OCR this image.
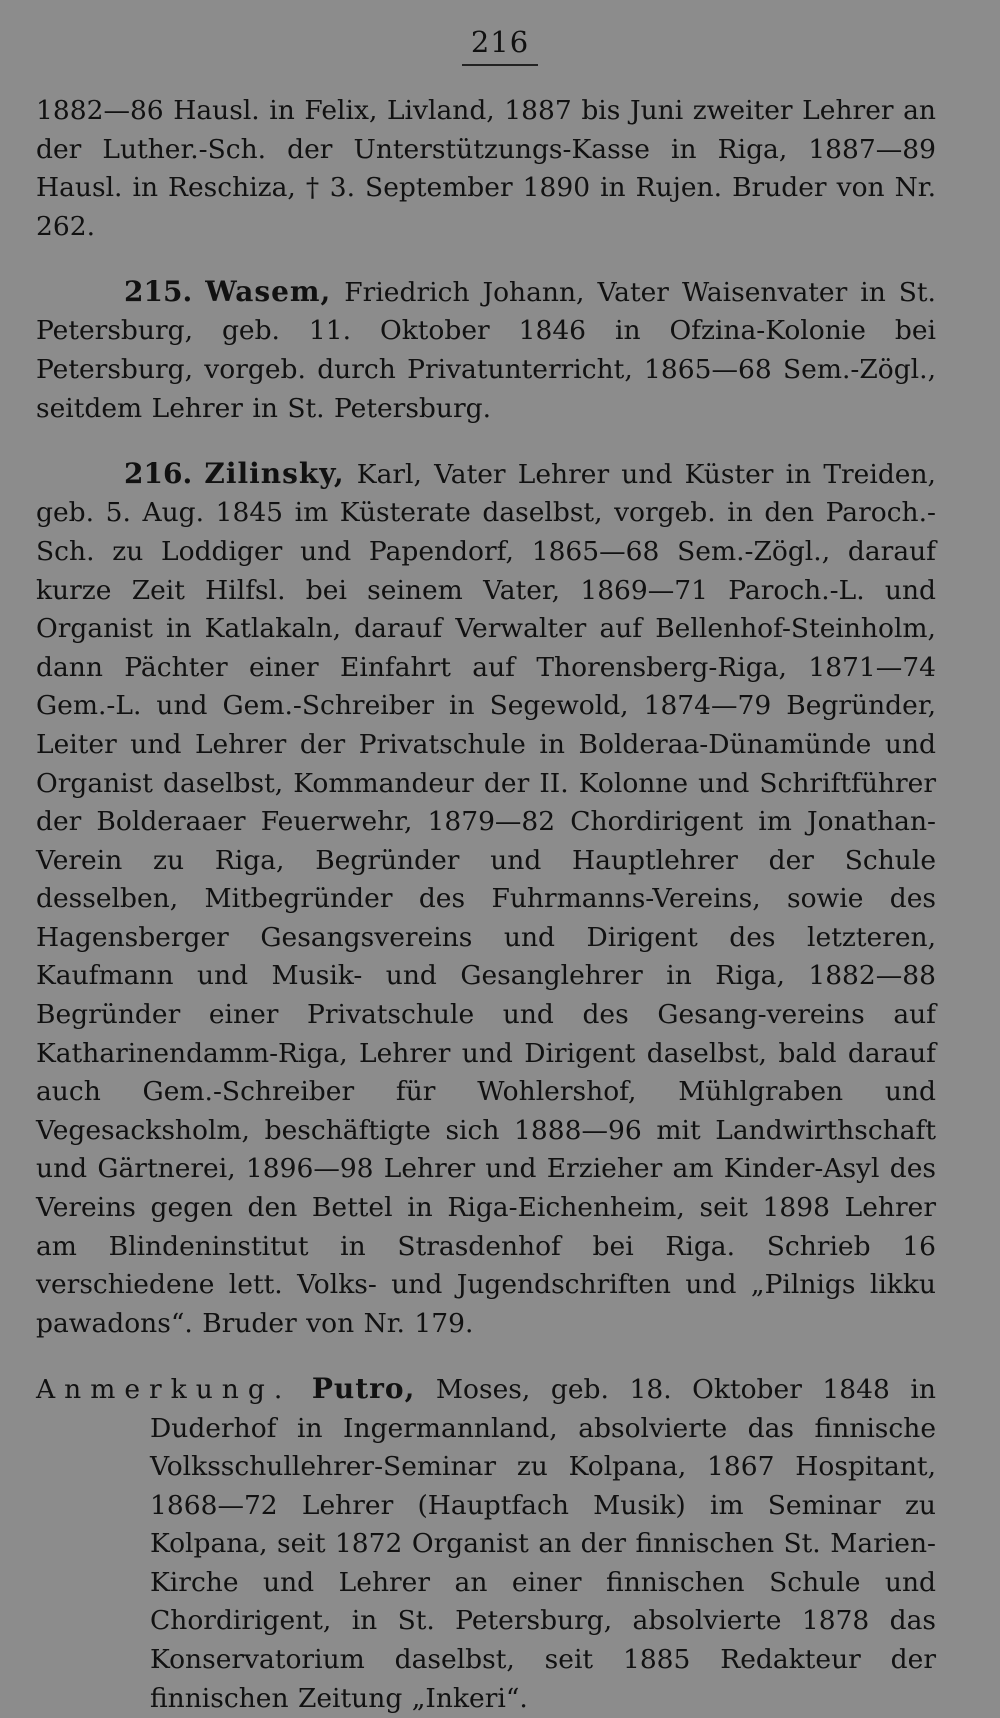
216

1882—86 Hausl. in Felix, Livland, 1887 bis Juni zweiter Lehrer an der Luther.-Sch. der Unterstützungs-Kasse in Riga, 1887—89 Hausl. in Reschiza, † 3. September 1890 in Rujen. Bruder von Nr. 262.

215. Wasem, Friedrich Johann, Vater Waisenvater in St. Petersburg, geb. 11. Oktober 1846 in Ofzina-Kolonie bei Petersburg, vorgeb. durch Privatunterricht, 1865—68 Sem.-Zögl., seitdem Lehrer in St. Petersburg.

216. Zilinsky, Karl, Vater Lehrer und Küster in Treiden, geb. 5. Aug. 1845 im Küsterate daselbst, vorgeb. in den Paroch.-Sch. zu Loddiger und Papendorf, 1865—68 Sem.-Zögl., darauf kurze Zeit Hilfsl. bei seinem Vater, 1869—71 Paroch.-L. und Organist in Katlakaln, darauf Verwalter auf Bellenhof-Steinholm, dann Pächter einer Einfahrt auf Thorensberg-Riga, 1871—74 Gem.-L. und Gem.-Schreiber in Segewold, 1874—79 Begründer, Leiter und Lehrer der Privatschule in Bolderaa-Dünamünde und Organist daselbst, Kommandeur der II. Kolonne und Schriftführer der Bolderaaer Feuerwehr, 1879—82 Chordirigent im Jonathan-Verein zu Riga, Begründer und Hauptlehrer der Schule desselben, Mitbegründer des Fuhrmanns-Vereins, sowie des Hagensberger Gesangsvereins und Dirigent des letzteren, Kaufmann und Musik- und Gesanglehrer in Riga, 1882—88 Begründer einer Privatschule und des Gesang-vereins auf Katharinendamm-Riga, Lehrer und Dirigent daselbst, bald darauf auch Gem.-Schreiber für Wohlershof, Mühlgraben und Vegesacksholm, beschäftigte sich 1888—96 mit Landwirthschaft und Gärtnerei, 1896—98 Lehrer und Erzieher am Kinder-Asyl des Vereins gegen den Bettel in Riga-Eichenheim, seit 1898 Lehrer am Blindeninstitut in Strasdenhof bei Riga. Schrieb 16 verschiedene lett. Volks- und Jugendschriften und „Pilnigs likku pawadons“. Bruder von Nr. 179.

Anmerkung. Putro, Moses, geb. 18. Oktober 1848 in Duderhof in Ingermannland, absolvierte das finnische Volksschullehrer-Seminar zu Kolpana, 1867 Hospitant, 1868—72 Lehrer (Hauptfach Musik) im Seminar zu Kolpana, seit 1872 Organist an der finnischen St. Marien-Kirche und Lehrer an einer finnischen Schule und Chordirigent, in St. Petersburg, absolvierte 1878 das Konservatorium daselbst, seit 1885 Redakteur der finnischen Zeitung „Inkeri“.
